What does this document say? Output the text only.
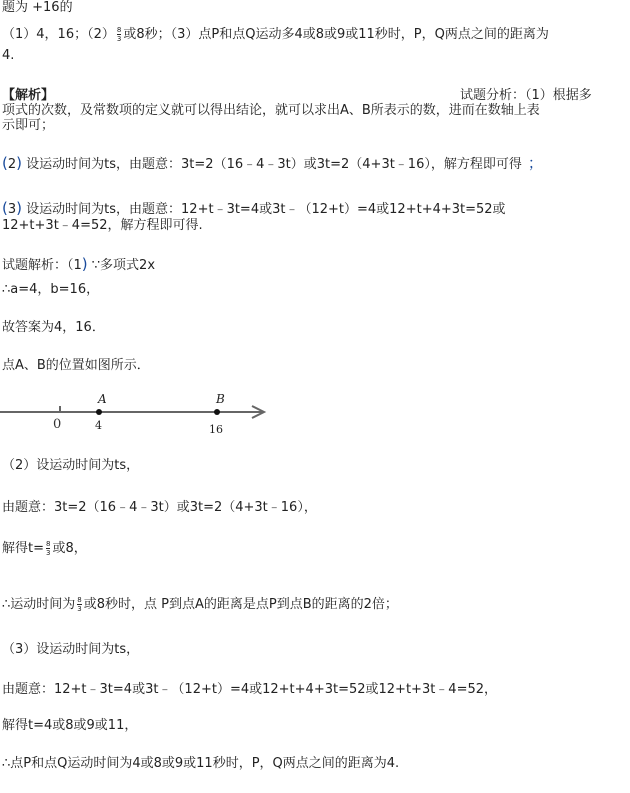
题为 +16的
（1）4，16；$(2) \frac{8}{3}$ 或8秒；（3）点P和点Q运动多4或8或9或11秒时，P，Q两点之间的距离为
4.
【解析】	试题分析：（1）根据多
项式的次数，及常数项的定义就可以得出结论，就可以求出A、B所表示的数，进而在数轴上表
示即可；
(2) 设运动时间为ts，由题意：3t=2（16﹣4﹣3t）或3t=2（4+3t﹣16），解方程即可得 ；
(3) 设运动时间为ts，由题意：12+t﹣3t=4或3t﹣（12+t）=4或12+t+4+3t=52或
12+t+3t﹣4=52，解方程即可得.
试题解析：（1) ∵多项式2x
∴a=4，b=16，
故答案为4，16．
点A、B的位置如图所示．
0
A
4
B
16
（2）设运动时间为ts，
由题意：3t=2（16﹣4﹣3t）或3t=2（4+3t﹣16），
解得$t= \frac{8}{3}$ 或8，
∴运动时间为 $\frac{8}{3}$ 或8秒时，点 P到点A的距离是点P到点B的距离的2倍；
（3）设运动时间为ts，
由题意：12+t﹣3t=4或3t﹣（12+t）=4或12+t+4+3t=52或12+t+3t﹣4=52，
解得t=4或8或9或11，
∴点P和点Q运动时间为4或8或9或11秒时，P，Q两点之间的距离为4.
